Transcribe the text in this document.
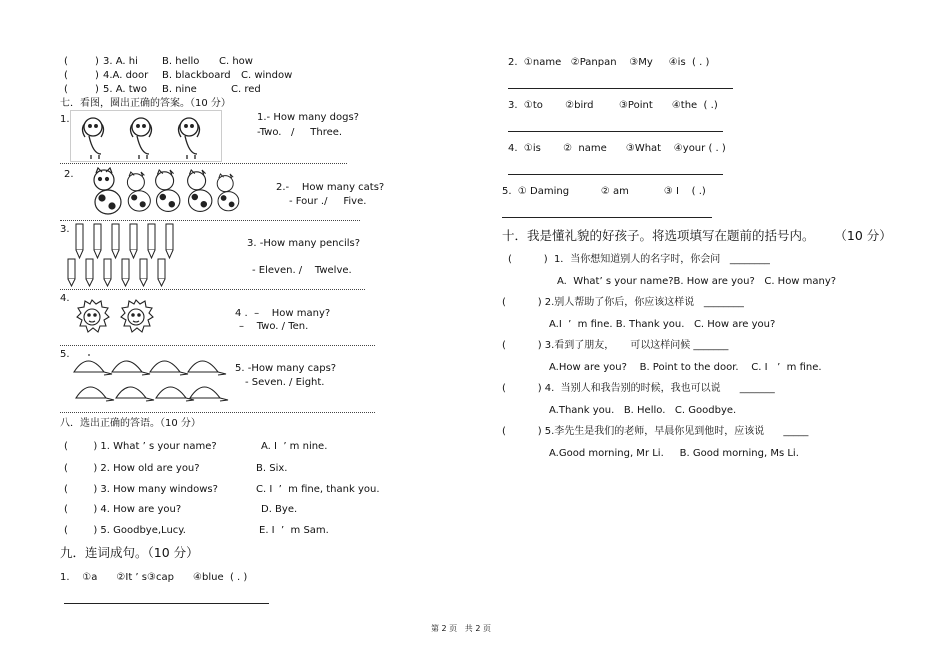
(	) 3. A. hi B. hello C. how
(	) 4.A. door B. blackboard C. window
(	) 5. A. two B. nine	C. red
七．看图，圈出正确的答案。（10 分）
1.	1.- How many dogs?
-Two.   /     Three.
2.
2.-    How many cats?
- Four ./     Five.
3.
3. -How many pencils?
- Eleven. /    Twelve.
4.
4 .  –    How many?
–    Two. / Ten.
5.
5. -How many caps?
- Seven. / Eight.
八．选出正确的答语。（10 分）
(        ) 1. What ’ s your name?	A. I  ’ m nine.
(        ) 2. How old are you?	B. Six.
(        ) 3. How many windows?	C. I  ’  m fine, thank you.
(        ) 4. How are you?	D. Bye.
(        ) 5. Goodbye,Lucy.	E. I  ’  m Sam.
九．连词成句。（10 分）
1.    ①a      ②It ’ s③cap      ④blue  ( . )
2.  ①name   ②Panpan    ③My     ④is  ( . )
3.  ①to       ②bird        ③Point      ④the  ( .)
4.  ①is       ②  name      ③What    ④your ( . )
5.  ① Daming          ② am           ③ I    ( .)
十．我是懂礼貌的好孩子。将选项填写在题前的括号内。     （10 分）
(          )  1．当你想知道别人的名字时，你会问   ________
A.  What’ s your name?B. How are you?   C. How many?
(          ) 2.别人帮助了你后，你应该这样说   ________
A.I  ’  m fine. B. Thank you.   C. How are you?
(          ) 3.看到了朋友，     可以这样问候 _______
A.How are you?    B. Point to the door.    C. I   ’  m fine.
(          ) 4.  当别人和我告别的时候，我也可以说      _______
A.Thank you.   B. Hello.   C. Goodbye.
(          ) 5.李先生是我们的老师，早晨你见到他时，应该说      _____
A.Good morning, Mr Li.     B. Good morning, Ms Li.
第 2 页   共 2 页
